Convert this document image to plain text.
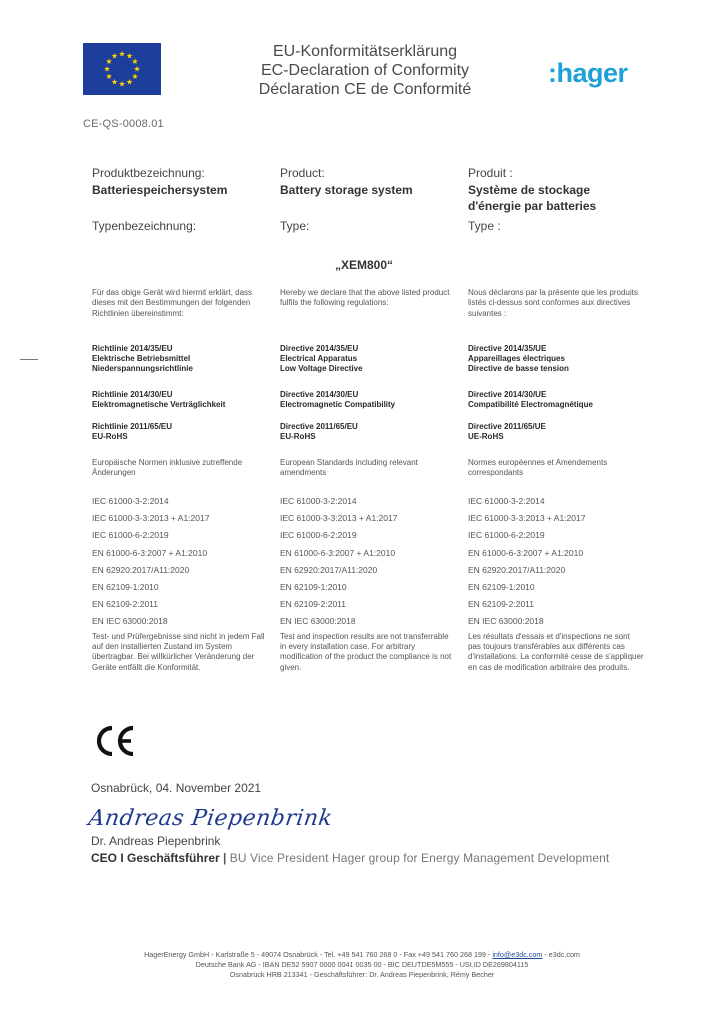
EU-Konformitätserklärung
EC-Declaration of Conformity
Déclaration CE de Conformité
:hager
CE-QS-0008.01
Produktbezeichnung:
Batteriespeichersystem
Typenbezeichnung:
Für das obige Gerät wird hiermit erklärt, dass dieses mit den Bestimmungen der folgenden Richtlinien übereinstimmt:
Richtlinie 2014/35/EU
Elektrische Betriebsmittel
Niederspannungsrichtlinie
Richtlinie 2014/30/EU
Elektromagnetische Verträglichkeit
Richtlinie 2011/65/EU
EU-RoHS
Europäische Normen inklusive zutreffende Änderungen
IEC 61000-3-2:2014
IEC 61000-3-3:2013 + A1:2017
IEC 61000-6-2:2019
EN 61000-6-3:2007 + A1:2010
EN 62920:2017/A11:2020
EN 62109-1:2010
EN 62109-2:2011
EN IEC 63000:2018
Test- und Prüfergebnisse sind nicht in jedem Fall auf den installierten Zustand im System übertragbar. Bei willkürlicher Veränderung der Geräte entfällt die Konformität.
Product:
Battery storage system
Type:
Hereby we declare that the above listed product fulfils the following regulations:
Directive 2014/35/EU
Electrical Apparatus
Low Voltage Directive
Directive 2014/30/EU
Electromagnetic Compatibility
Directive 2011/65/EU
EU-RoHS
European Standards including relevant amendments
IEC 61000-3-2:2014
IEC 61000-3-3:2013 + A1:2017
IEC 61000-6-2:2019
EN 61000-6-3:2007 + A1:2010
EN 62920:2017/A11:2020
EN 62109-1:2010
EN 62109-2:2011
EN IEC 63000:2018
Test and inspection results are not transferrable in every installation case. For arbitrary modification of the product the compliance is not given.
Produit :
Système de stockage d'énergie par batteries
Type :
Nous déclarons par la présente que les produits listés ci-dessus sont conformes aux directives suivantes :
Directive 2014/35/UE
Appareillages électriques
Directive de basse tension
Directive 2014/30/UE
Compatibilité Electromagnétique
Directive 2011/65/UE
UE-RoHS
Normes européennes et Amendements correspondants
IEC 61000-3-2:2014
IEC 61000-3-3:2013 + A1:2017
IEC 61000-6-2:2019
EN 61000-6-3:2007 + A1:2010
EN 62920:2017/A11:2020
EN 62109-1:2010
EN 62109-2:2011
EN IEC 63000:2018
Les résultats d'essais et d'inspections ne sont pas toujours transférables aux différents cas d'installations. La conformité cesse de s'appliquer en cas de modification arbitraire des produits.
„XEM800“
Osnabrück, 04. November 2021
Andreas Piepenbrink
Dr. Andreas Piepenbrink
CEO I Geschäftsführer | BU Vice President Hager group for Energy Management Development
HagerEnergy GmbH - Karlstraße 5 - 49074 Osnabrück - Tel. +49 541 760 268 0 - Fax +49 541 760 268 199 - info@e3dc.com - e3dc.com
Deutsche Bank AG - IBAN DE52 5907 0000 0041 0035 00 - BIC DEUTDE5M555 - USt.ID DE269804115
Osnabrück HRB 213341 - Geschäftsführer: Dr. Andreas Piepenbrink, Rémy Becher
